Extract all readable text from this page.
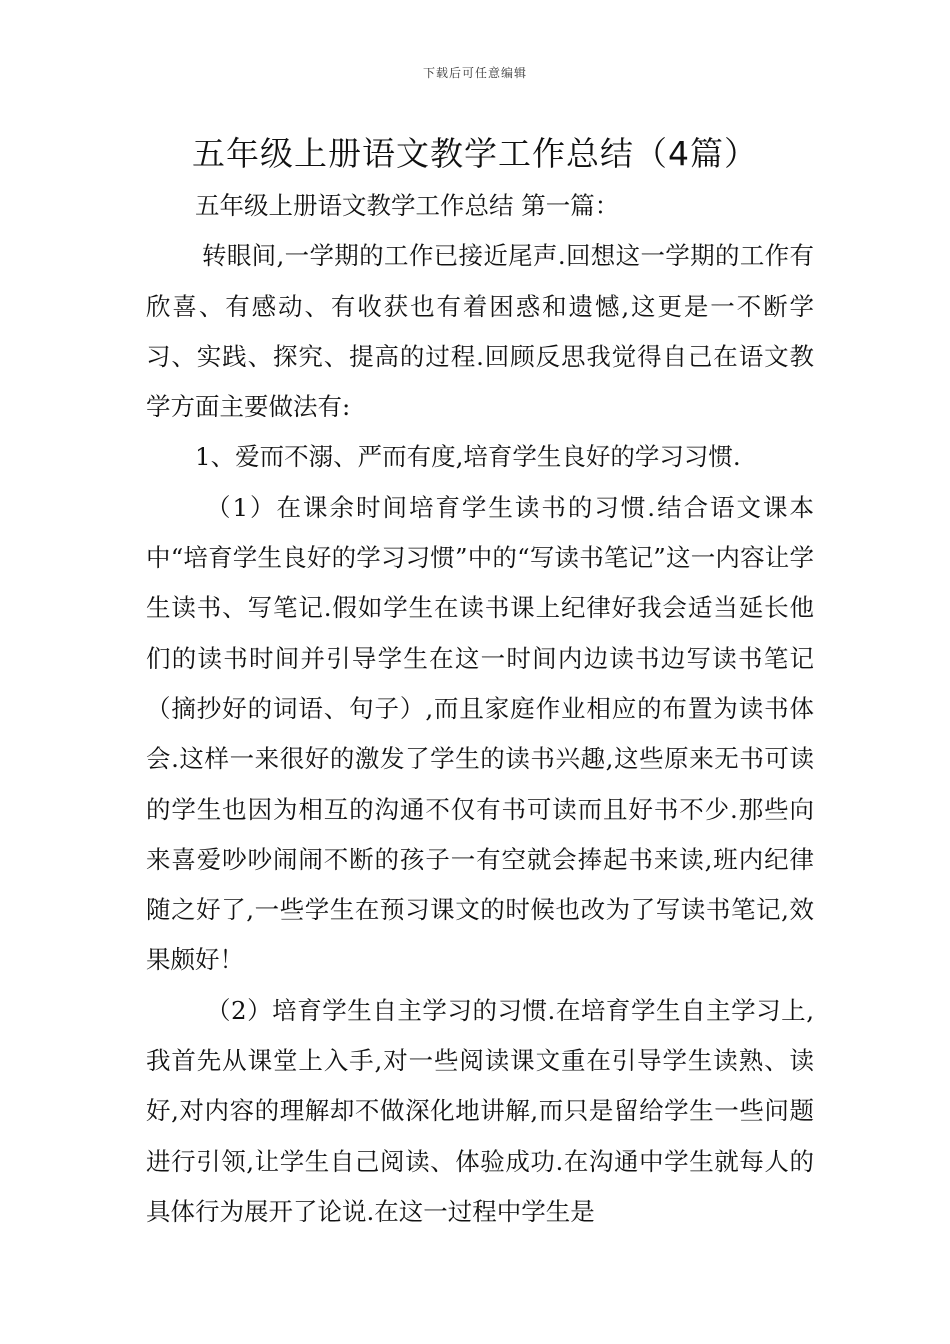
下载后可任意编辑
五年级上册语文教学工作总结（4篇）

五年级上册语文教学工作总结 第一篇：

转眼间,一学期的工作已接近尾声.回想这一学期的工作有欣喜、有感动、有收获也有着困惑和遗憾,这更是一不断学习、实践、探究、提高的过程.回顾反思我觉得自己在语文教学方面主要做法有:

1、爱而不溺、严而有度,培育学生良好的学习习惯.

（1）在课余时间培育学生读书的习惯.结合语文课本中“培育学生良好的学习习惯”中的“写读书笔记”这一内容让学生读书、写笔记.假如学生在读书课上纪律好我会适当延长他们的读书时间并引导学生在这一时间内边读书边写读书笔记（摘抄好的词语、句子）,而且家庭作业相应的布置为读书体会.这样一来很好的激发了学生的读书兴趣,这些原来无书可读的学生也因为相互的沟通不仅有书可读而且好书不少.那些向来喜爱吵吵闹闹不断的孩子一有空就会捧起书来读,班内纪律随之好了,一些学生在预习课文的时候也改为了写读书笔记,效果颇好！

（2）培育学生自主学习的习惯.在培育学生自主学习上,我首先从课堂上入手,对一些阅读课文重在引导学生读熟、读好,对内容的理解却不做深化地讲解,而只是留给学生一些问题进行引领,让学生自己阅读、体验成功.在沟通中学生就每人的具体行为展开了论说.在这一过程中学生是
